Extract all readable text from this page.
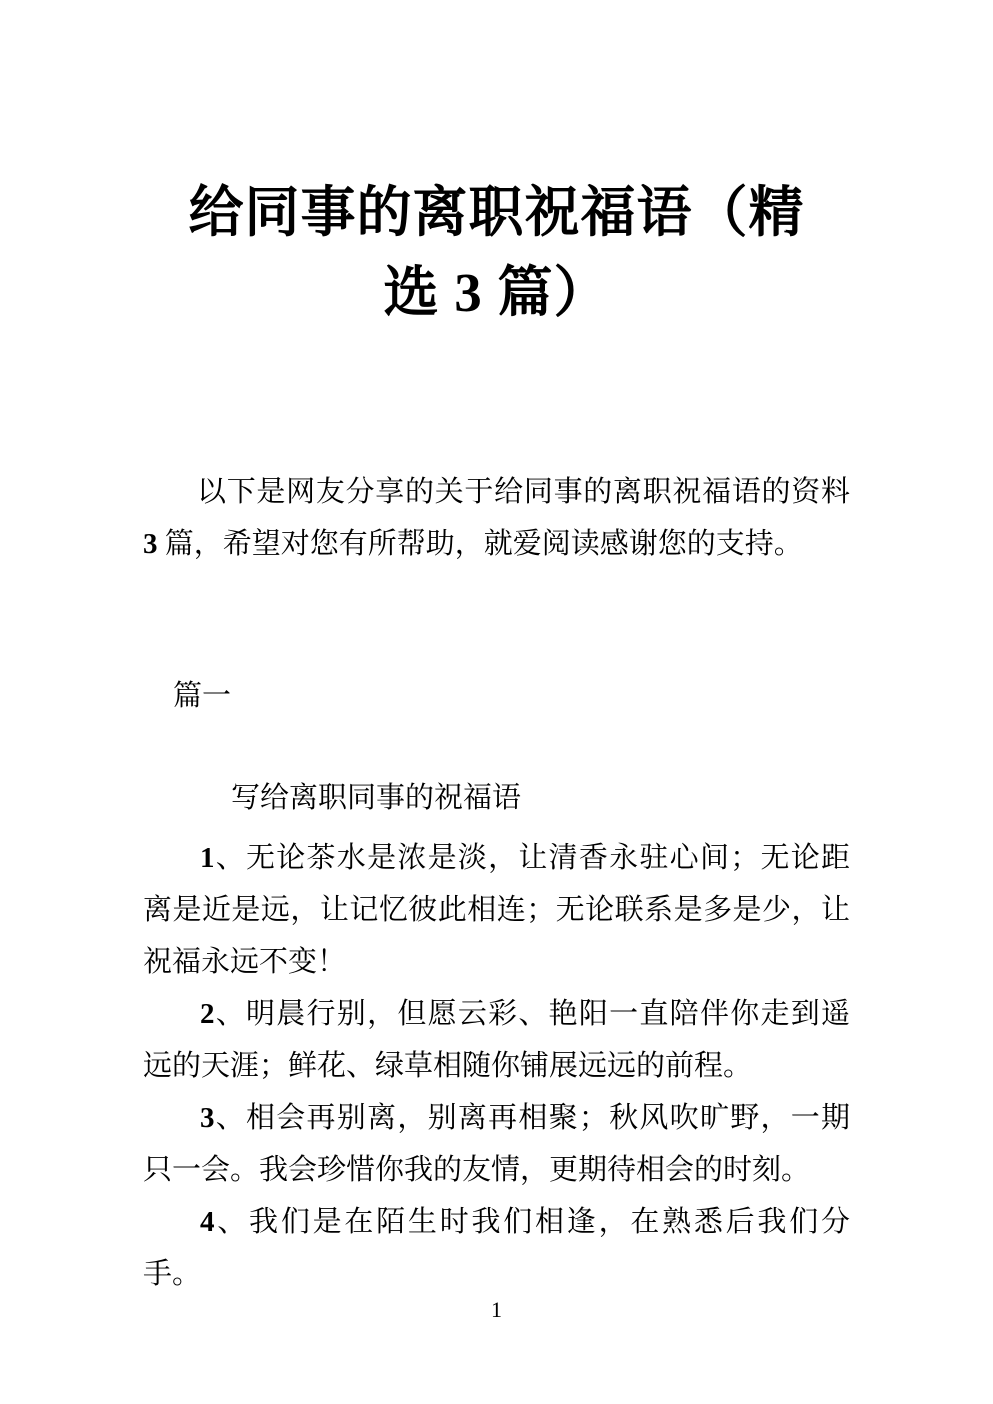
给同事的离职祝福语（精
选 3 篇）

以下是网友分享的关于给同事的离职祝福语的资料 3 篇，希望对您有所帮助，就爱阅读感谢您的支持。

篇一

写给离职同事的祝福语

1、无论茶水是浓是淡，让清香永驻心间；无论距离是近是远，让记忆彼此相连；无论联系是多是少，让祝福永远不变！

2、明晨行别，但愿云彩、艳阳一直陪伴你走到遥远的天涯；鲜花、绿草相随你铺展远远的前程。

3、相会再别离，别离再相聚；秋风吹旷野，一期只一会。我会珍惜你我的友情，更期待相会的时刻。

4、我们是在陌生时我们相逢，在熟悉后我们分手。

1
